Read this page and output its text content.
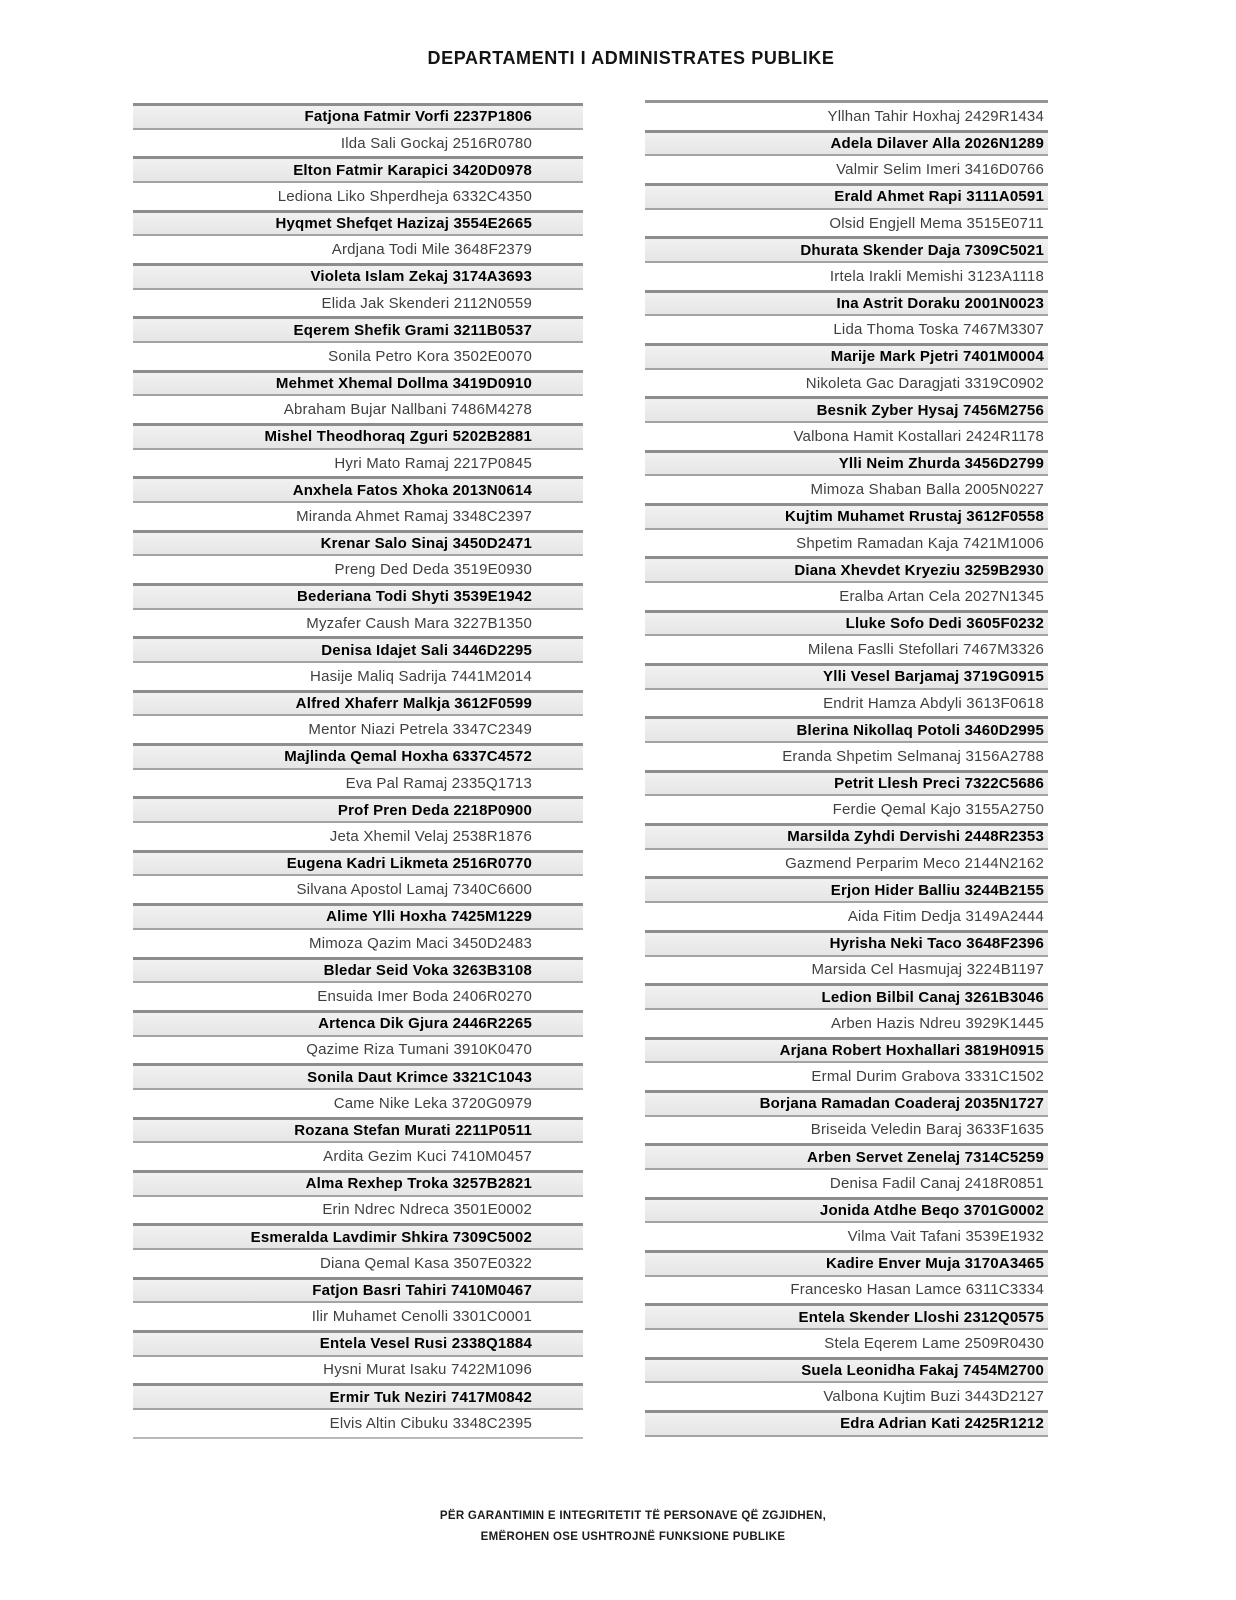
DEPARTAMENTI I ADMINISTRATES PUBLIKE
Fatjona Fatmir Vorfi 2237P1806
Ilda Sali Gockaj 2516R0780
Elton Fatmir Karapici 3420D0978
Lediona Liko Shperdheja 6332C4350
Hyqmet Shefqet Hazizaj 3554E2665
Ardjana Todi Mile 3648F2379
Violeta Islam Zekaj 3174A3693
Elida Jak Skenderi 2112N0559
Eqerem Shefik Grami 3211B0537
Sonila Petro Kora 3502E0070
Mehmet Xhemal Dollma 3419D0910
Abraham Bujar Nallbani 7486M4278
Mishel Theodhoraq Zguri 5202B2881
Hyri Mato Ramaj 2217P0845
Anxhela Fatos Xhoka 2013N0614
Miranda Ahmet Ramaj 3348C2397
Krenar Salo Sinaj 3450D2471
Preng Ded Deda 3519E0930
Bederiana Todi Shyti 3539E1942
Myzafer Caush Mara 3227B1350
Denisa Idajet Sali 3446D2295
Hasije Maliq Sadrija 7441M2014
Alfred Xhaferr Malkja 3612F0599
Mentor Niazi Petrela 3347C2349
Majlinda Qemal Hoxha 6337C4572
Eva Pal Ramaj 2335Q1713
Prof Pren Deda 2218P0900
Jeta Xhemil Velaj 2538R1876
Eugena Kadri Likmeta 2516R0770
Silvana Apostol Lamaj 7340C6600
Alime Ylli Hoxha 7425M1229
Mimoza Qazim Maci 3450D2483
Bledar Seid Voka 3263B3108
Ensuida Imer Boda 2406R0270
Artenca Dik Gjura 2446R2265
Qazime Riza Tumani 3910K0470
Sonila Daut Krimce 3321C1043
Came Nike Leka 3720G0979
Rozana Stefan Murati 2211P0511
Ardita Gezim Kuci 7410M0457
Alma Rexhep Troka 3257B2821
Erin Ndrec Ndreca 3501E0002
Esmeralda Lavdimir Shkira 7309C5002
Diana Qemal Kasa 3507E0322
Fatjon Basri Tahiri 7410M0467
Ilir Muhamet Cenolli 3301C0001
Entela Vesel Rusi 2338Q1884
Hysni Murat Isaku 7422M1096
Ermir Tuk Neziri 7417M0842
Elvis Altin Cibuku 3348C2395
Yllhan Tahir Hoxhaj 2429R1434
Adela Dilaver Alla 2026N1289
Valmir Selim Imeri 3416D0766
Erald Ahmet Rapi 3111A0591
Olsid Engjell Mema 3515E0711
Dhurata Skender Daja 7309C5021
Irtela Irakli Memishi 3123A1118
Ina Astrit Doraku 2001N0023
Lida Thoma Toska 7467M3307
Marije Mark Pjetri 7401M0004
Nikoleta Gac Daragjati 3319C0902
Besnik Zyber Hysaj 7456M2756
Valbona Hamit Kostallari 2424R1178
Ylli Neim Zhurda 3456D2799
Mimoza Shaban Balla 2005N0227
Kujtim Muhamet Rrustaj 3612F0558
Shpetim Ramadan Kaja 7421M1006
Diana Xhevdet Kryeziu 3259B2930
Eralba Artan Cela 2027N1345
Lluke Sofo Dedi 3605F0232
Milena Faslli Stefollari 7467M3326
Ylli Vesel Barjamaj 3719G0915
Endrit Hamza Abdyli 3613F0618
Blerina Nikollaq Potoli 3460D2995
Eranda Shpetim Selmanaj 3156A2788
Petrit Llesh Preci 7322C5686
Ferdie Qemal Kajo 3155A2750
Marsilda Zyhdi Dervishi 2448R2353
Gazmend Perparim Meco 2144N2162
Erjon Hider Balliu 3244B2155
Aida Fitim Dedja 3149A2444
Hyrisha Neki Taco 3648F2396
Marsida Cel Hasmujaj 3224B1197
Ledion Bilbil Canaj 3261B3046
Arben Hazis Ndreu 3929K1445
Arjana Robert Hoxhallari 3819H0915
Ermal Durim Grabova 3331C1502
Borjana Ramadan Coaderaj 2035N1727
Briseida Veledin Baraj 3633F1635
Arben Servet Zenelaj 7314C5259
Denisa Fadil Canaj 2418R0851
Jonida Atdhe Beqo 3701G0002
Vilma Vait Tafani 3539E1932
Kadire Enver Muja 3170A3465
Francesko Hasan Lamce 6311C3334
Entela Skender Lloshi 2312Q0575
Stela Eqerem Lame 2509R0430
Suela Leonidha Fakaj 7454M2700
Valbona Kujtim Buzi 3443D2127
Edra Adrian Kati 2425R1212
PËR GARANTIMIN E INTEGRITETIT TË PERSONAVE QË ZGJIDHEN,
EMËROHEN OSE USHTROJNË FUNKSIONE PUBLIKE
